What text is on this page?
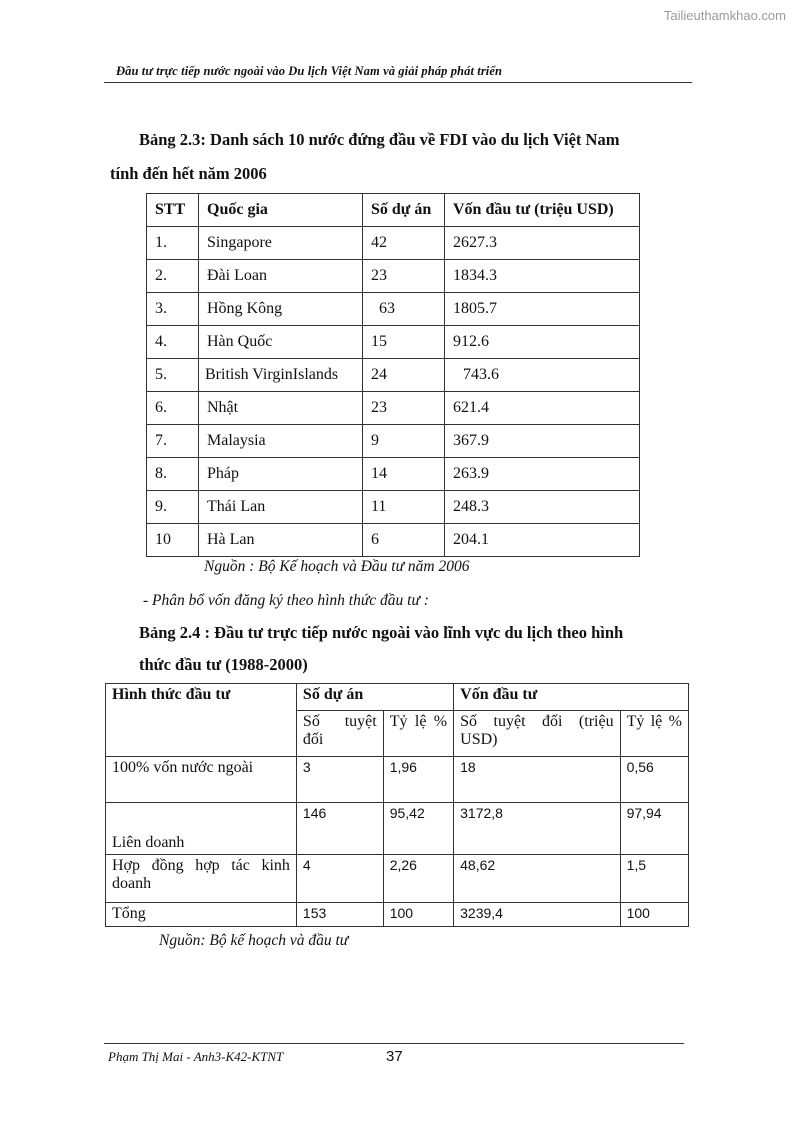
Tailieuthamkhao.com
Đầu tư trực tiếp nước ngoài vào Du lịch Việt Nam và giải pháp phát triển
Bảng 2.3: Danh sách 10 nước đứng đầu về FDI vào du lịch Việt Nam
tính đến hết năm 2006
STT	Quốc gia	Số dự án	Vốn đầu tư (triệu USD)
1.	Singapore	42	2627.3
2.	Đài Loan	23	1834.3
3.	Hồng Kông	63	1805.7
4.	Hàn Quốc	15	912.6
5.	British VirginIslands	24	743.6
6.	Nhật	23	621.4
7.	Malaysia	9	367.9
8.	Pháp	14	263.9
9.	Thái Lan	11	248.3
10	Hà Lan	6	204.1
Nguồn : Bộ Kế hoạch và Đầu tư năm 2006
- Phân bổ vốn đăng ký theo hình thức đầu tư :
Bảng 2.4 : Đầu tư trực tiếp nước ngoài vào lĩnh vực du lịch theo hình
thức đầu tư (1988-2000)
Hình thức đầu tư	Số dự án		Vốn đầu tư	
	Số tuyệt đối	Tỷ lệ %	Số tuyệt đối (triệu USD)	Tỷ lệ %
100% vốn nước ngoài	3	1,96	18	0,56
Liên doanh	146	95,42	3172,8	97,94
Hợp đồng hợp tác kinh doanh	4	2,26	48,62	1,5
Tổng	153	100	3239,4	100
Nguồn: Bộ kế hoạch và đầu tư
Phạm Thị Mai - Anh3-K42-KTNT	37
